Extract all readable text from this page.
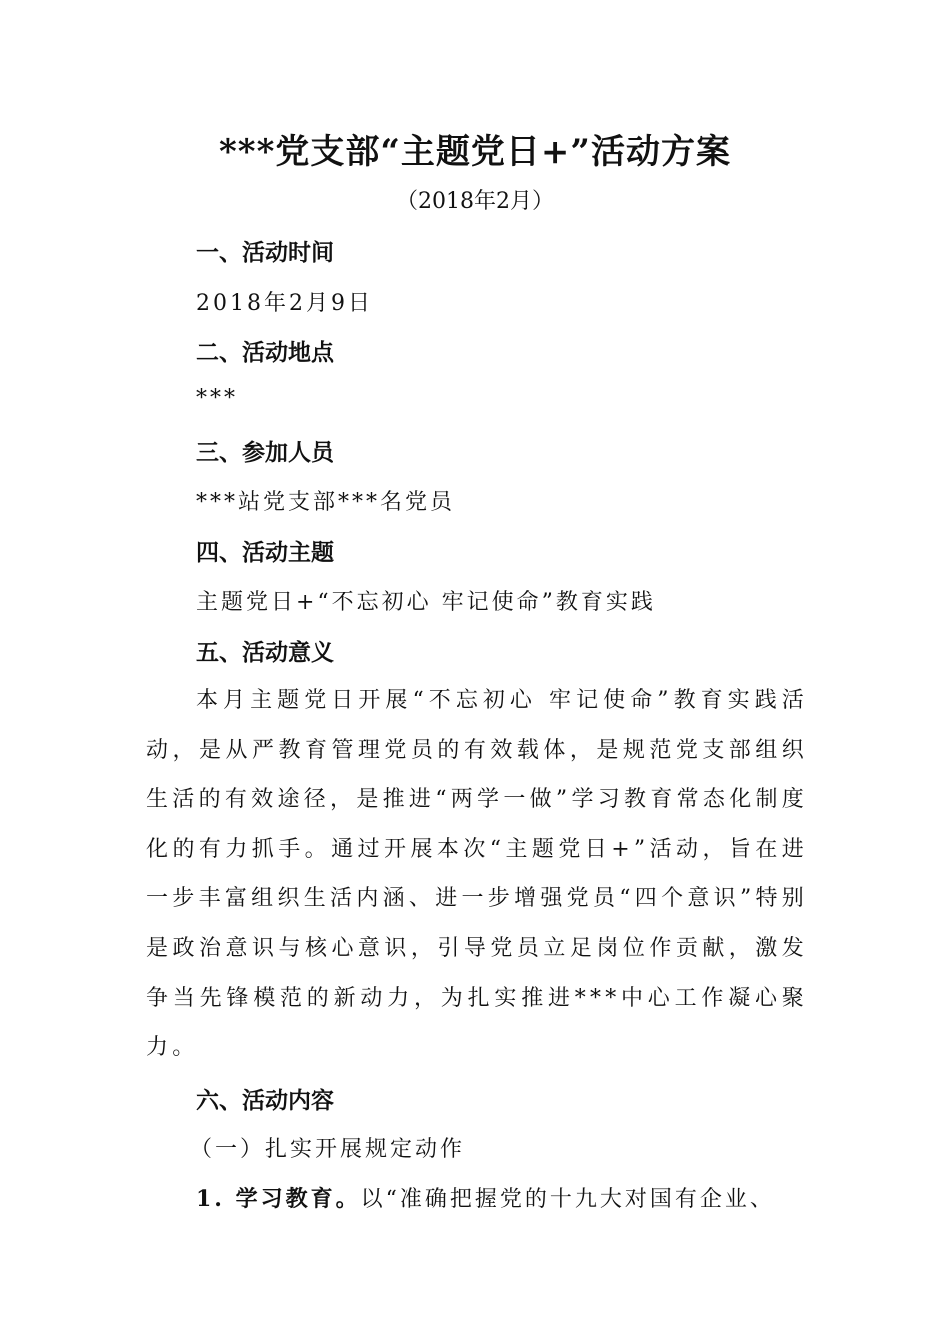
***党支部“主题党日+”活动方案
（2018年2月）
一、活动时间
2018年2月9日
二、活动地点
***
三、参加人员
***站党支部***名党员
四、活动主题
主题党日+“不忘初心 牢记使命”教育实践
五、活动意义

本月主题党日开展“不忘初心 牢记使命”教育实践活动，是从严教育管理党员的有效载体，是规范党支部组织生活的有效途径，是推进“两学一做”学习教育常态化制度化的有力抓手。通过开展本次“主题党日+”活动，旨在进一步丰富组织生活内涵、进一步增强党员“四个意识”特别是政治意识与核心意识，引导党员立足岗位作贡献，激发争当先锋模范的新动力，为扎实推进***中心工作凝心聚力。

六、活动内容
（一）扎实开展规定动作
1. 学习教育。以“准确把握党的十九大对国有企业、
